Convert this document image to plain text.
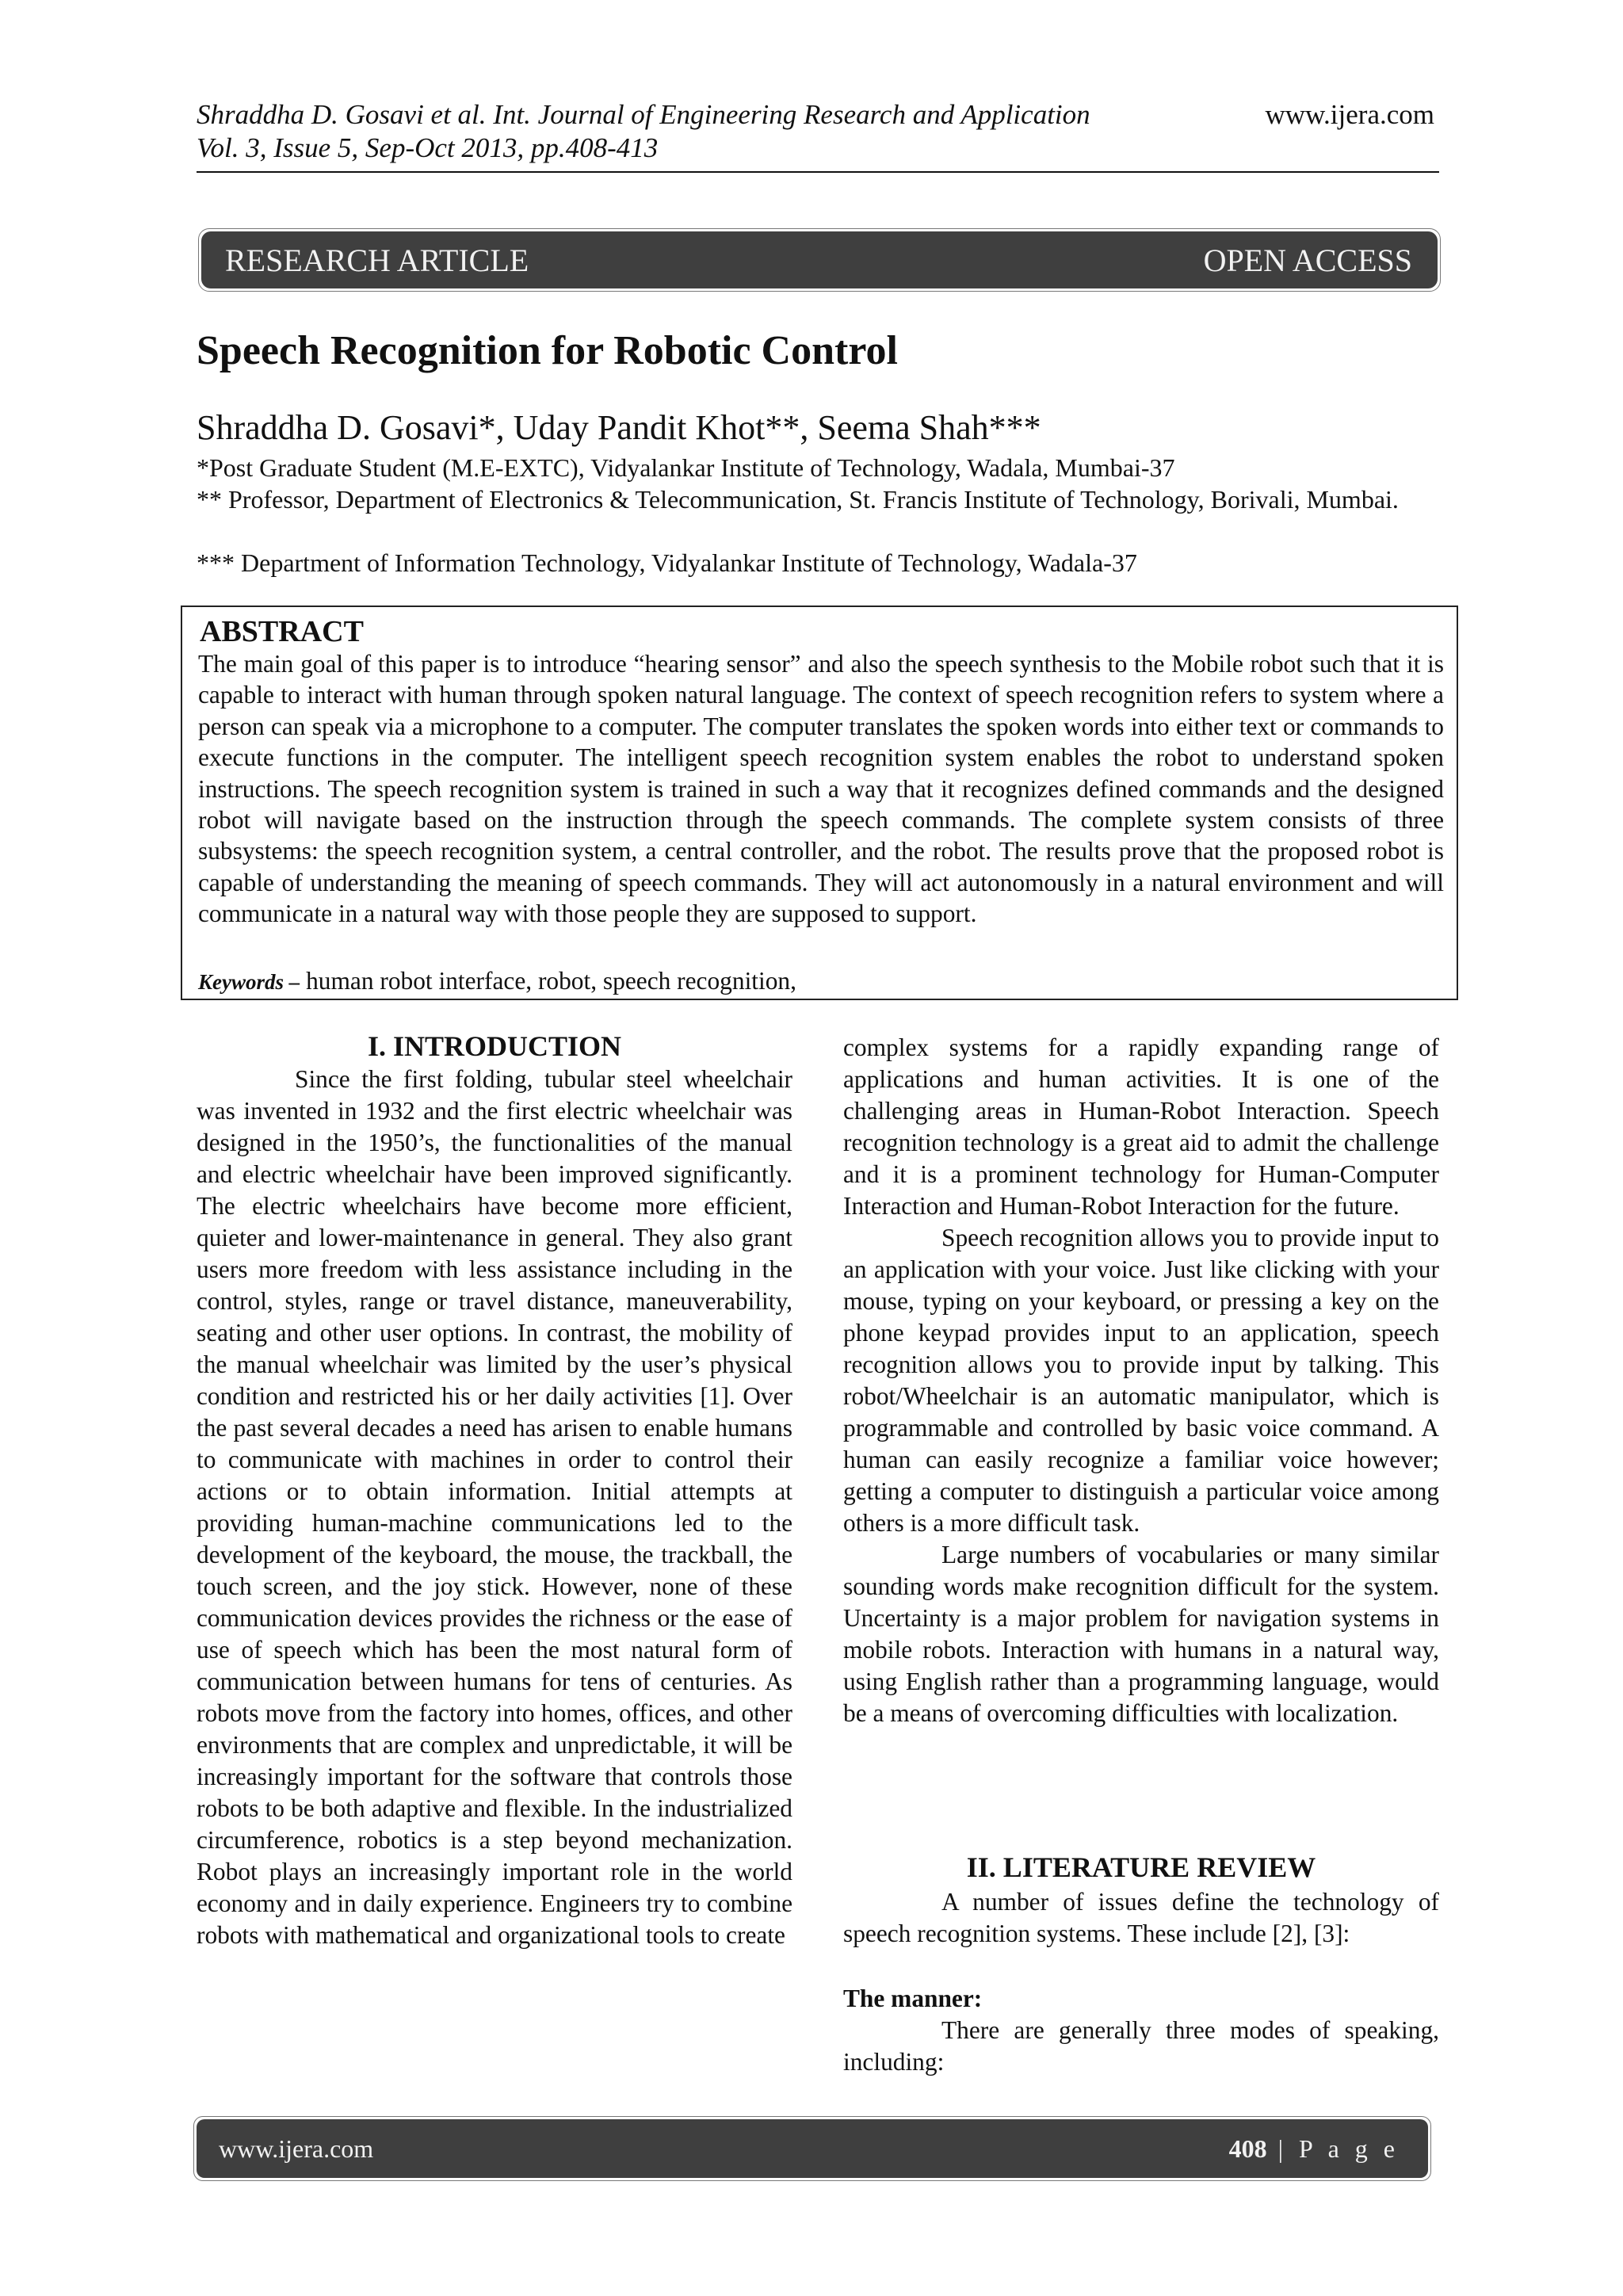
Shraddha D. Gosavi et al. Int. Journal of Engineering Research and Application
Vol. 3, Issue 5, Sep-Oct 2013, pp.408-413
www.ijera.com
RESEARCH ARTICLE	OPEN ACCESS
Speech Recognition for Robotic Control
Shraddha D. Gosavi*, Uday Pandit Khot**, Seema Shah***
*Post Graduate Student (M.E-EXTC), Vidyalankar Institute of Technology, Wadala, Mumbai-37
** Professor, Department of Electronics & Telecommunication, St. Francis Institute of Technology, Borivali, Mumbai.
*** Department of Information Technology, Vidyalankar Institute of Technology, Wadala-37
ABSTRACT

The main goal of this paper is to introduce “hearing sensor” and also the speech synthesis to the Mobile robot such that it is capable to interact with human through spoken natural language. The context of speech recognition refers to system where a person can speak via a microphone to a computer. The computer translates the spoken words into either text or commands to execute functions in the computer. The intelligent speech recognition system enables the robot to understand spoken instructions. The speech recognition system is trained in such a way that it recognizes defined commands and the designed robot will navigate based on the instruction through the speech commands. The complete system consists of three subsystems: the speech recognition system, a central controller, and the robot. The results prove that the proposed robot is capable of understanding the meaning of speech commands. They will act autonomously in a natural environment and will communicate in a natural way with those people they are supposed to support.

Keywords – human robot interface, robot, speech recognition,
I. INTRODUCTION

Since the first folding, tubular steel wheelchair was invented in 1932 and the first electric wheelchair was designed in the 1950’s, the functionalities of the manual and electric wheelchair have been improved significantly. The electric wheelchairs have become more efficient, quieter and lower-maintenance in general. They also grant users more freedom with less assistance including in the control, styles, range or travel distance, maneuverability, seating and other user options. In contrast, the mobility of the manual wheelchair was limited by the user’s physical condition and restricted his or her daily activities [1]. Over the past several decades a need has arisen to enable humans to communicate with machines in order to control their actions or to obtain information. Initial attempts at providing human-machine communications led to the development of the keyboard, the mouse, the trackball, the touch screen, and the joy stick. However, none of these communication devices provides the richness or the ease of use of speech which has been the most natural form of communication between humans for tens of centuries. As robots move from the factory into homes, offices, and other environments that are complex and unpredictable, it will be increasingly important for the software that controls those robots to be both adaptive and flexible. In the industrialized circumference, robotics is a step beyond mechanization. Robot plays an increasingly important role in the world economy and in daily experience. Engineers try to combine robots with mathematical and organizational tools to create

complex systems for a rapidly expanding range of applications and human activities. It is one of the challenging areas in Human-Robot Interaction. Speech recognition technology is a great aid to admit the challenge and it is a prominent technology for Human-Computer Interaction and Human-Robot Interaction for the future.

Speech recognition allows you to provide input to an application with your voice. Just like clicking with your mouse, typing on your keyboard, or pressing a key on the phone keypad provides input to an application, speech recognition allows you to provide input by talking. This robot/Wheelchair is an automatic manipulator, which is programmable and controlled by basic voice command. A human can easily recognize a familiar voice however; getting a computer to distinguish a particular voice among others is a more difficult task.

Large numbers of vocabularies or many similar sounding words make recognition difficult for the system. Uncertainty is a major problem for navigation systems in mobile robots. Interaction with humans in a natural way, using English rather than a programming language, would be a means of overcoming difficulties with localization.

II. LITERATURE REVIEW

A number of issues define the technology of speech recognition systems. These include [2], [3]:

The manner:

There are generally three modes of speaking, including:

www.ijera.com	408 | P a g e
